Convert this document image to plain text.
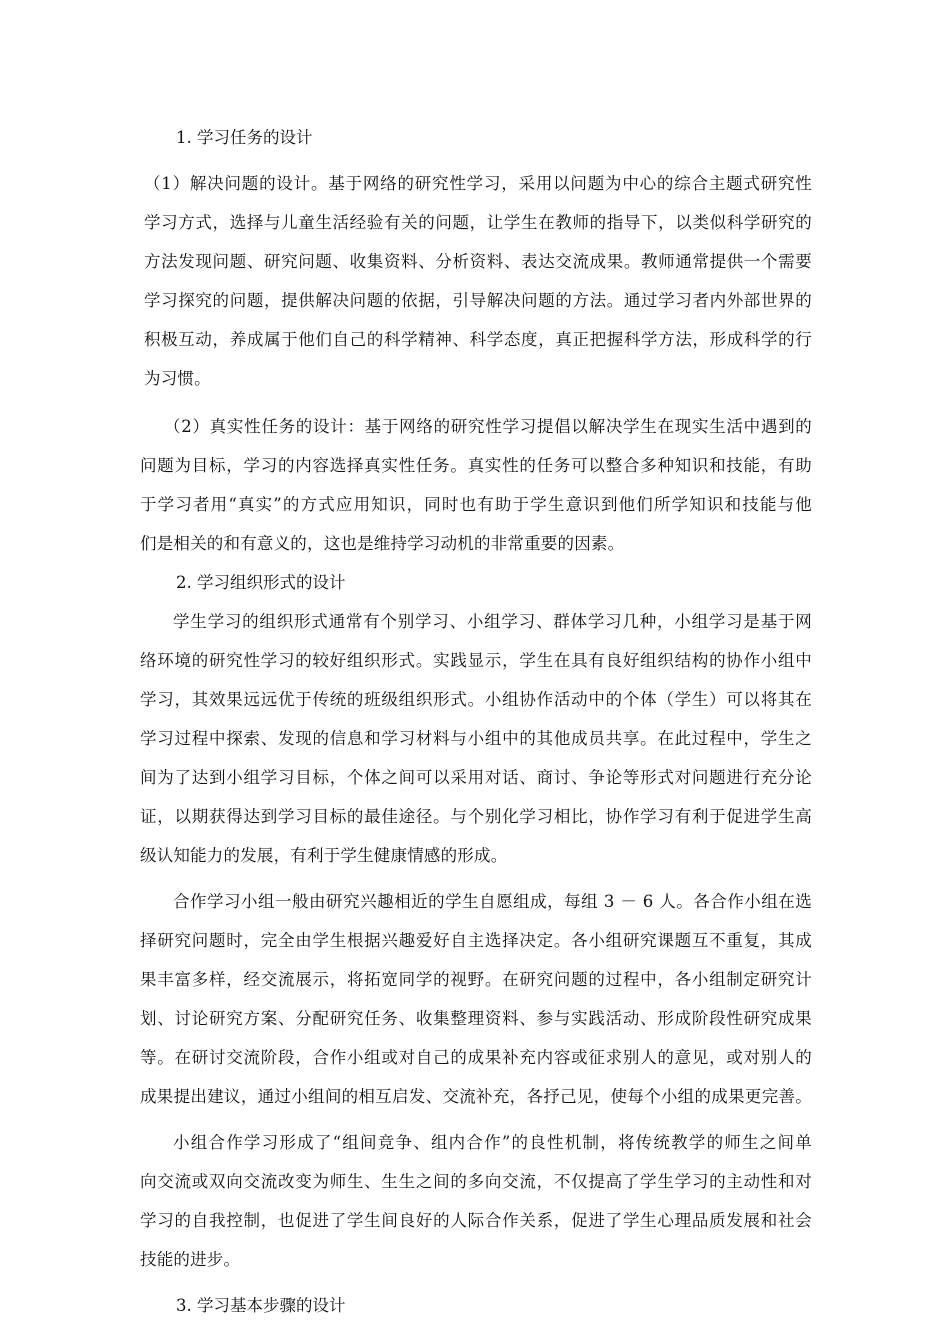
1. 学习任务的设计
（1）解决问题的设计。基于网络的研究性学习，采用以问题为中心的综合主题式研究性
学习方式，选择与儿童生活经验有关的问题，让学生在教师的指导下，以类似科学研究的
方法发现问题、研究问题、收集资料、分析资料、表达交流成果。教师通常提供一个需要
学习探究的问题，提供解决问题的依据，引导解决问题的方法。通过学习者内外部世界的
积极互动，养成属于他们自己的科学精神、科学态度，真正把握科学方法，形成科学的行
为习惯。
（2）真实性任务的设计：基于网络的研究性学习提倡以解决学生在现实生活中遇到的
问题为目标，学习的内容选择真实性任务。真实性的任务可以整合多种知识和技能，有助
于学习者用“真实”的方式应用知识，同时也有助于学生意识到他们所学知识和技能与他
们是相关的和有意义的，这也是维持学习动机的非常重要的因素。
2. 学习组织形式的设计
学生学习的组织形式通常有个别学习、小组学习、群体学习几种，小组学习是基于网
络环境的研究性学习的较好组织形式。实践显示，学生在具有良好组织结构的协作小组中
学习，其效果远远优于传统的班级组织形式。小组协作活动中的个体（学生）可以将其在
学习过程中探索、发现的信息和学习材料与小组中的其他成员共享。在此过程中，学生之
间为了达到小组学习目标，个体之间可以采用对话、商讨、争论等形式对问题进行充分论
证，以期获得达到学习目标的最佳途径。与个别化学习相比，协作学习有利于促进学生高
级认知能力的发展，有利于学生健康情感的形成。
合作学习小组一般由研究兴趣相近的学生自愿组成，每组 3 － 6 人。各合作小组在选
择研究问题时，完全由学生根据兴趣爱好自主选择决定。各小组研究课题互不重复，其成
果丰富多样，经交流展示，将拓宽同学的视野。在研究问题的过程中，各小组制定研究计
划、讨论研究方案、分配研究任务、收集整理资料、参与实践活动、形成阶段性研究成果
等。在研讨交流阶段，合作小组或对自己的成果补充内容或征求别人的意见，或对别人的
成果提出建议，通过小组间的相互启发、交流补充，各抒己见，使每个小组的成果更完善。
小组合作学习形成了“组间竞争、组内合作”的良性机制，将传统教学的师生之间单
向交流或双向交流改变为师生、生生之间的多向交流，不仅提高了学生学习的主动性和对
学习的自我控制，也促进了学生间良好的人际合作关系，促进了学生心理品质发展和社会
技能的进步。
3. 学习基本步骤的设计
